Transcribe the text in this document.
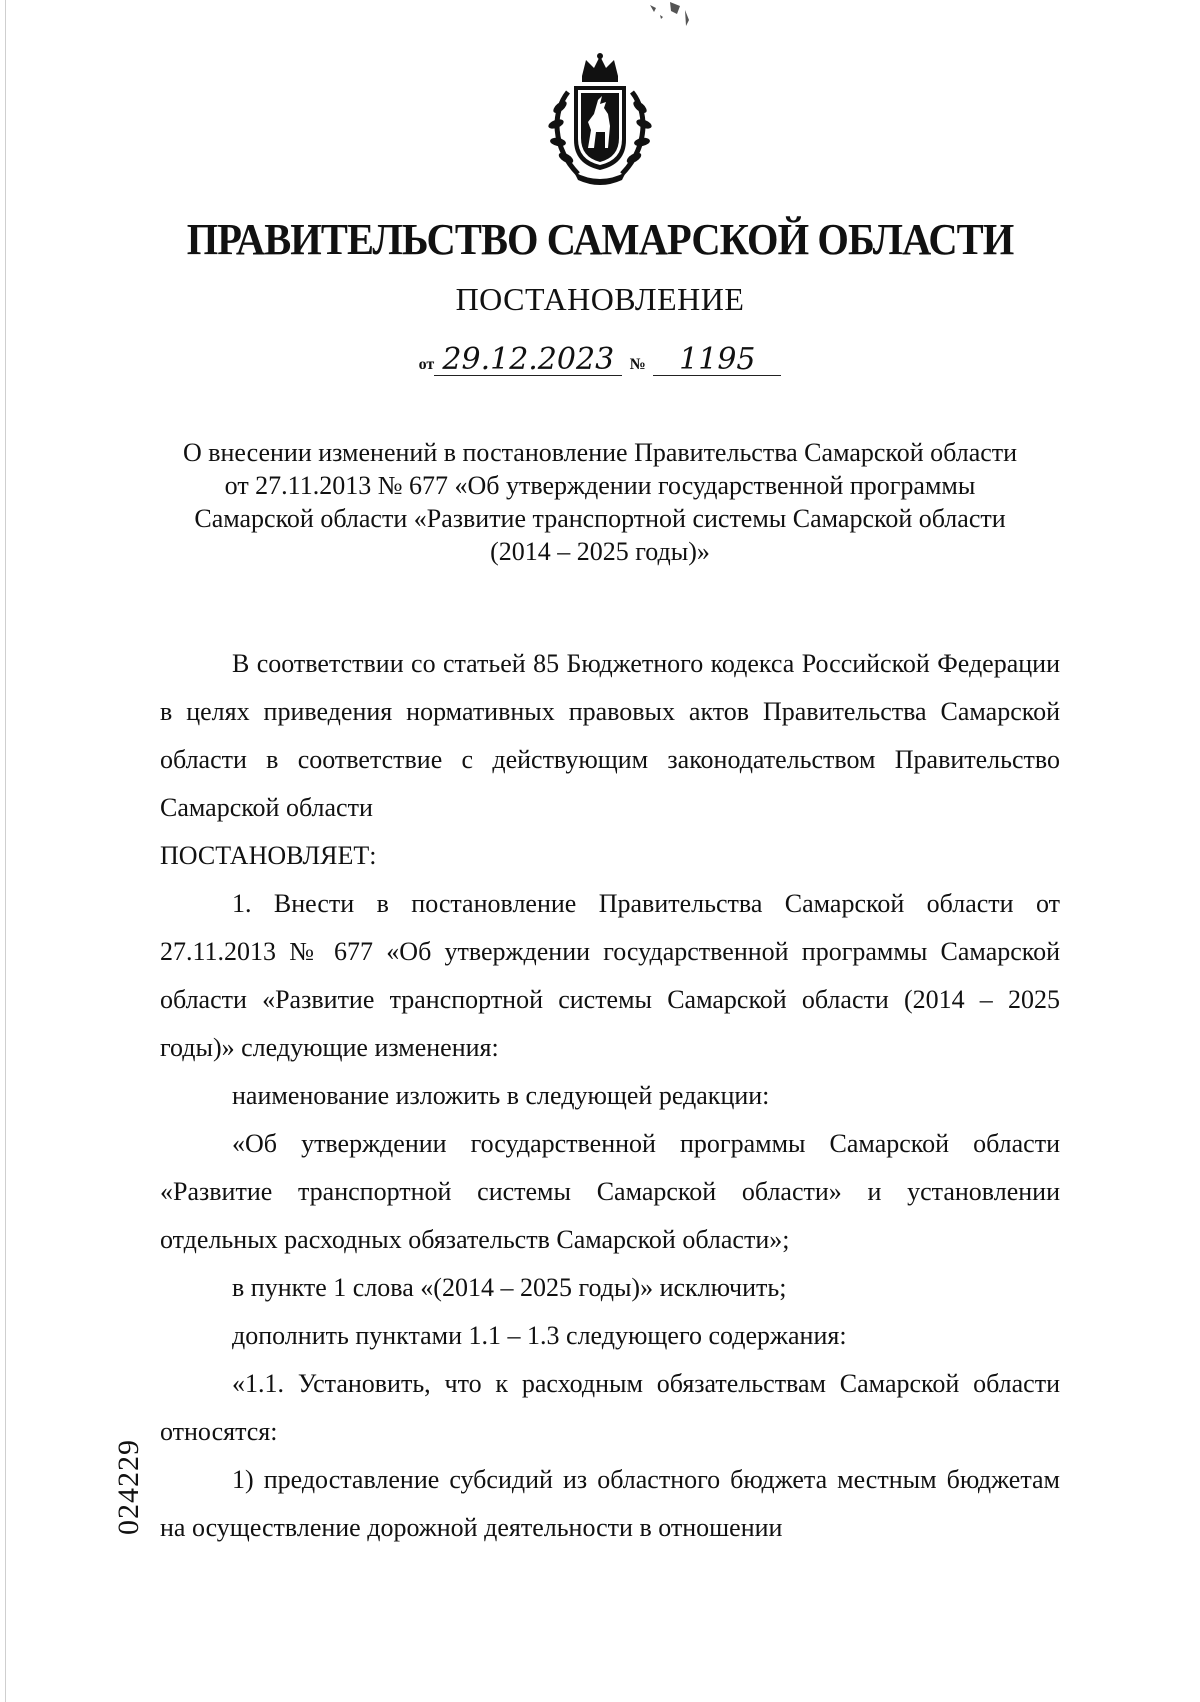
ПРАВИТЕЛЬСТВО САМАРСКОЙ ОБЛАСТИ
ПОСТАНОВЛЕНИЕ
от 29.12.2023 № 1195
О внесении изменений в постановление Правительства Самарской области
от 27.11.2013 № 677 «Об утверждении государственной программы
Самарской области «Развитие транспортной системы Самарской области
(2014 – 2025 годы)»

В соответствии со статьей 85 Бюджетного кодекса Российской Федерации в целях приведения нормативных правовых актов Правительства Самарской области в соответствие с действующим законодательством Правительство Самарской области

ПОСТАНОВЛЯЕТ:

1. Внести в постановление Правительства Самарской области от 27.11.2013 № 677 «Об утверждении государственной программы Самарской области «Развитие транспортной системы Самарской области (2014 – 2025 годы)» следующие изменения:

наименование изложить в следующей редакции:

«Об утверждении государственной программы Самарской области «Развитие транспортной системы Самарской области» и установлении отдельных расходных обязательств Самарской области»;

в пункте 1 слова «(2014 – 2025 годы)» исключить;

дополнить пунктами 1.1 – 1.3 следующего содержания:

«1.1. Установить, что к расходным обязательствам Самарской области относятся:

1) предоставление субсидий из областного бюджета местным бюджетам на осуществление дорожной деятельности в отношении

024229
